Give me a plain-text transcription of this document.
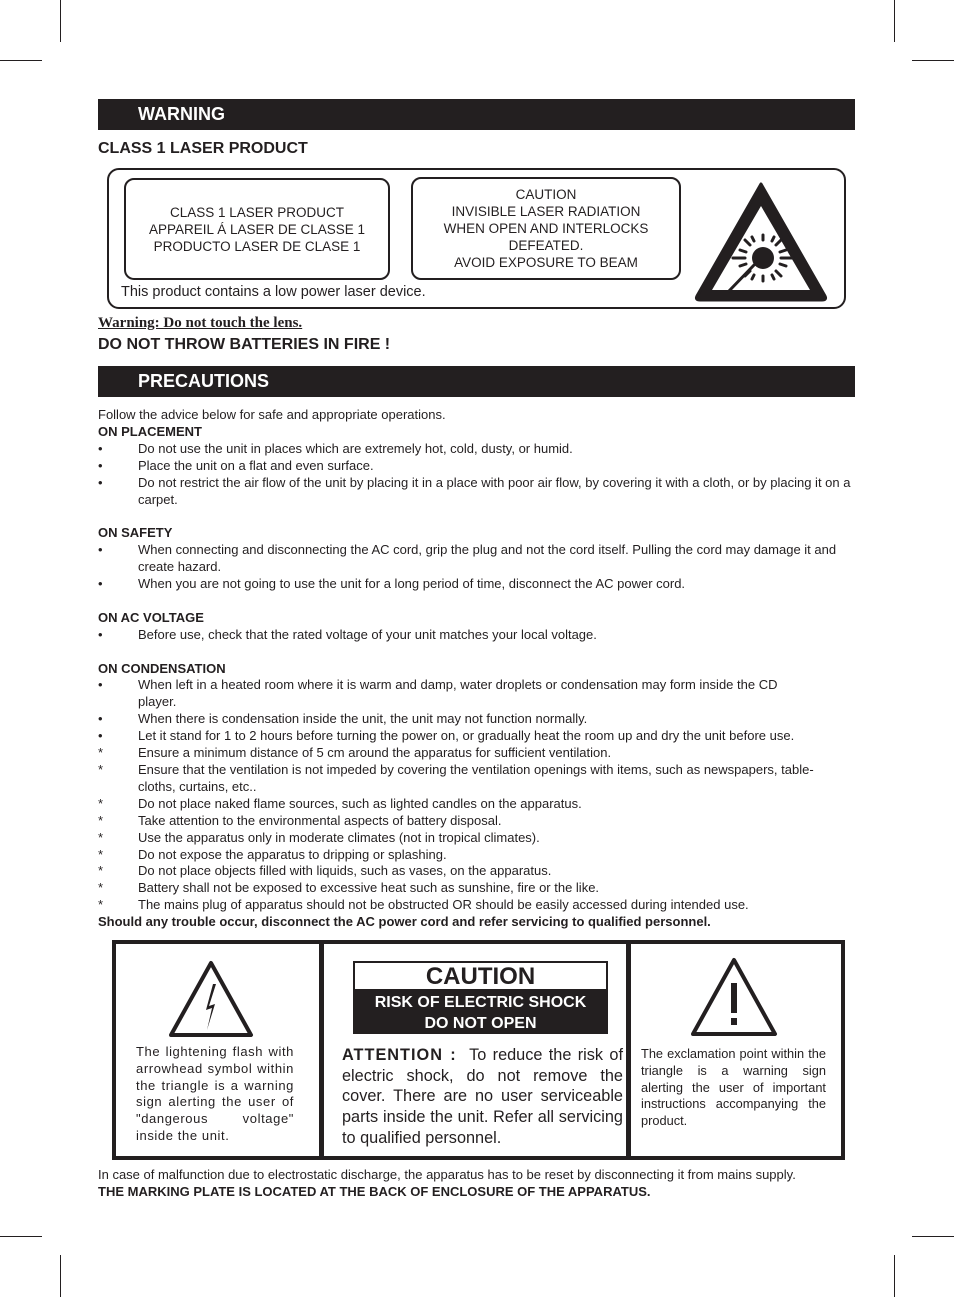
WARNING
CLASS 1 LASER PRODUCT
CLASS 1 LASER PRODUCT
APPAREIL Á LASER DE CLASSE 1
PRODUCTO LASER DE CLASE 1
CAUTION
INVISIBLE LASER RADIATION
WHEN OPEN AND INTERLOCKS
DEFEATED.
AVOID EXPOSURE TO BEAM
This product contains a low power laser device.
Warning: Do not touch the lens.
DO NOT THROW BATTERIES IN FIRE !
PRECAUTIONS

Follow the advice below for safe and appropriate operations.

ON PLACEMENT

•	Do not use the unit in places which are extremely hot, cold, dusty, or humid.
•	Place the unit on a flat and even surface.
•	Do not restrict the air flow of the unit by placing it in a place with poor air flow, by covering it with a cloth, or by placing it on a carpet.

ON SAFETY

•	When connecting and disconnecting the AC cord, grip the plug and not the cord itself. Pulling the cord may damage it and create hazard.
•	When you are not going to use the unit for a long period of time, disconnect the AC power cord.

ON AC VOLTAGE

•	Before use, check that the rated voltage of your unit matches your local voltage.

ON CONDENSATION

•	When left in a heated room where it is warm and damp, water droplets or condensation may form inside the CD player.
•	When there is condensation inside the unit, the unit may not function normally.
•	Let it stand for 1 to 2 hours before turning the power on, or gradually heat the room up and dry the unit before use.
*	Ensure a minimum distance of 5 cm around the apparatus for sufficient ventilation.
*	Ensure that the ventilation is not impeded by covering the ventilation openings with items, such as newspapers, table-cloths, curtains, etc..
*	Do not place naked flame sources, such as lighted candles on the apparatus.
*	Take attention to the environmental aspects of battery disposal.
*	Use the apparatus only in moderate climates (not in tropical climates).
*	Do not expose the apparatus to dripping or splashing.
*	Do not place objects filled with liquids, such as vases, on the apparatus.
*	Battery shall not be exposed to excessive heat such as sunshine, fire or the like.
*	The mains plug of apparatus should not be obstructed OR should be easily accessed during intended use.

Should any trouble occur, disconnect the AC power cord and refer servicing to qualified personnel.

The lightening flash with arrowhead symbol within the triangle is a warning sign alerting the user of "dangerous voltage" inside the unit.
CAUTION
RISK OF ELECTRIC SHOCK
DO NOT OPEN
ATTENTION : To reduce the risk of electric shock, do not remove the cover. There are no user serviceable parts inside the unit. Refer all servicing to qualified personnel.
The exclamation point within the triangle is a warning sign alerting the user of important instructions accompanying the product.
In case of malfunction due to electrostatic discharge, the apparatus has to be reset by disconnecting it from mains supply.
THE MARKING PLATE IS LOCATED AT THE BACK OF ENCLOSURE OF THE APPARATUS.
